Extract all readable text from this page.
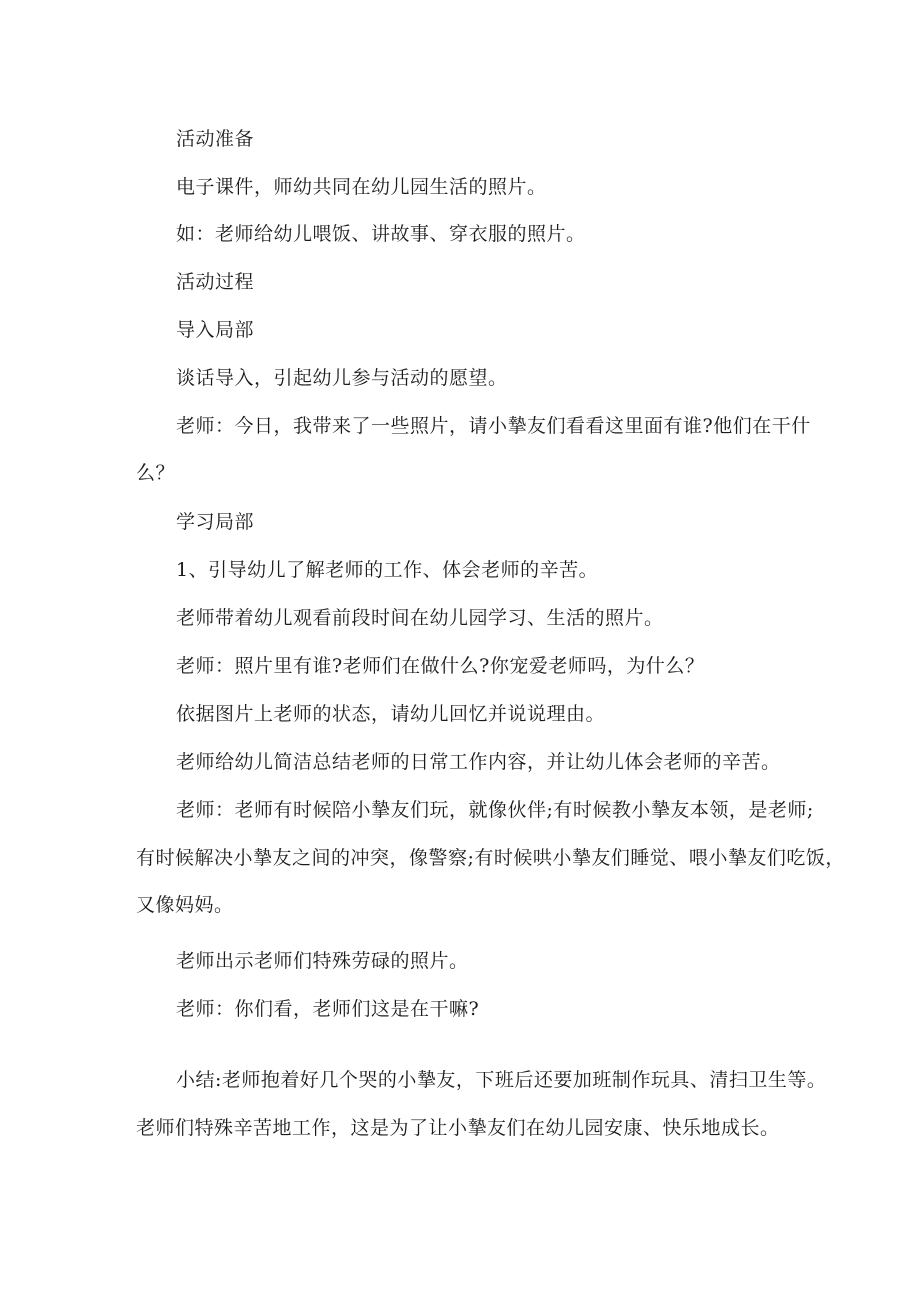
活动准备
电子课件，师幼共同在幼儿园生活的照片。
如：老师给幼儿喂饭、讲故事、穿衣服的照片。
活动过程
导入局部
谈话导入，引起幼儿参与活动的愿望。
老师：今日，我带来了一些照片，请小摯友们看看这里面有谁?他们在干什
么？
学习局部
1、引导幼儿了解老师的工作、体会老师的辛苦。
老师带着幼儿观看前段时间在幼儿园学习、生活的照片。
老师：照片里有谁?老师们在做什么?你宠爱老师吗，为什么？
依据图片上老师的状态，请幼儿回忆并说说理由。
老师给幼儿简洁总结老师的日常工作内容，并让幼儿体会老师的辛苦。
老师：老师有时候陪小摯友们玩，就像伙伴;有时候教小摯友本领，是老师;
有时候解决小摯友之间的冲突，像警察;有时候哄小摯友们睡觉、喂小摯友们吃饭，
又像妈妈。
老师出示老师们特殊劳碌的照片。
老师：你们看，老师们这是在干嘛?
小结:老师抱着好几个哭的小摯友，下班后还要加班制作玩具、清扫卫生等。
老师们特殊辛苦地工作，这是为了让小摯友们在幼儿园安康、快乐地成长。
